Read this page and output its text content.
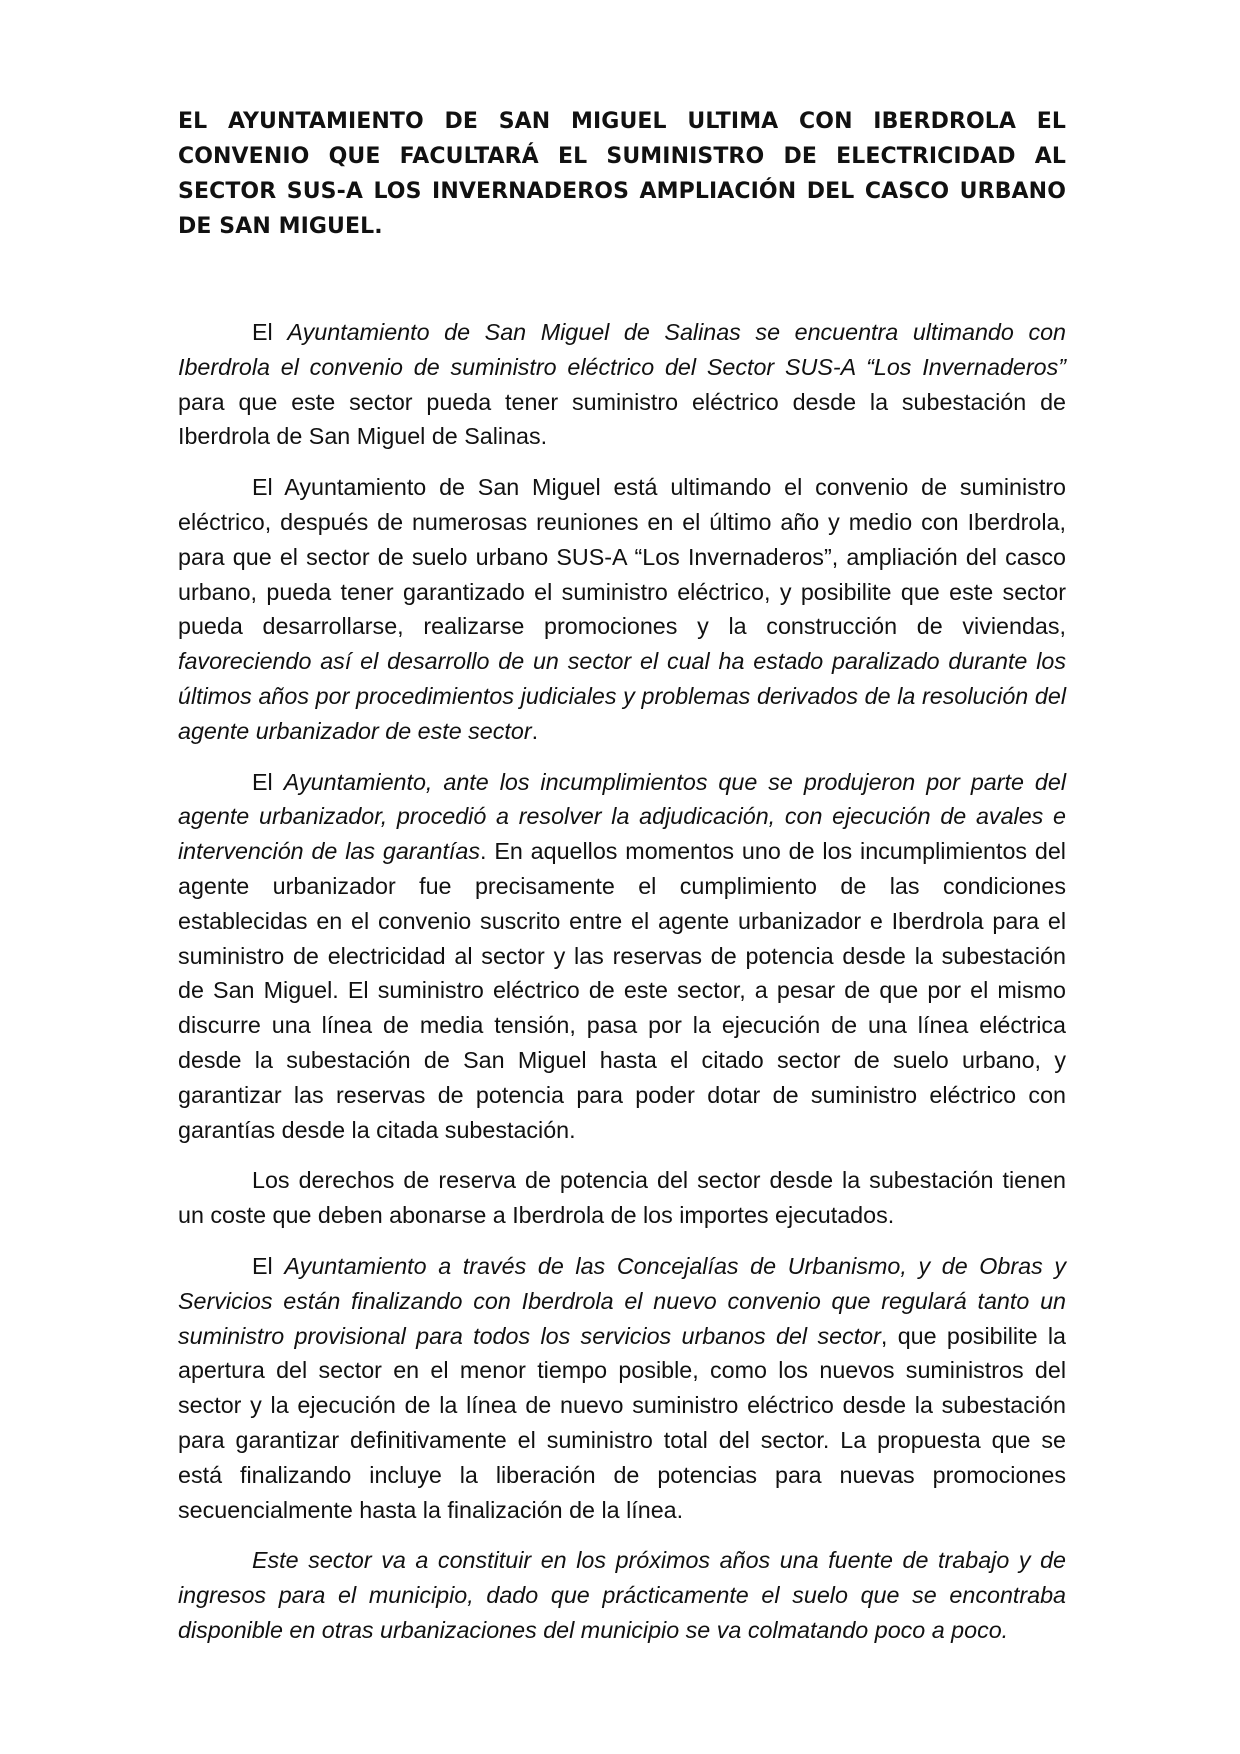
EL AYUNTAMIENTO DE SAN MIGUEL ULTIMA CON IBERDROLA EL CONVENIO QUE FACULTARÁ EL SUMINISTRO DE ELECTRICIDAD AL SECTOR SUS-A LOS INVERNADEROS AMPLIACIÓN DEL CASCO URBANO DE SAN MIGUEL.

El Ayuntamiento de San Miguel de Salinas se encuentra ultimando con Iberdrola el convenio de suministro eléctrico del Sector SUS-A “Los Invernaderos” para que este sector pueda tener suministro eléctrico desde la subestación de Iberdrola de San Miguel de Salinas.

El Ayuntamiento de San Miguel está ultimando el convenio de suministro eléctrico, después de numerosas reuniones en el último año y medio con Iberdrola, para que el sector de suelo urbano SUS-A “Los Invernaderos”, ampliación del casco urbano, pueda tener garantizado el suministro eléctrico, y posibilite que este sector pueda desarrollarse, realizarse promociones y la construcción de viviendas, favoreciendo así el desarrollo de un sector el cual ha estado paralizado durante los últimos años por procedimientos judiciales y problemas derivados de la resolución del agente urbanizador de este sector.

El Ayuntamiento, ante los incumplimientos que se produjeron por parte del agente urbanizador, procedió a resolver la adjudicación, con ejecución de avales e intervención de las garantías. En aquellos momentos uno de los incumplimientos del agente urbanizador fue precisamente el cumplimiento de las condiciones establecidas en el convenio suscrito entre el agente urbanizador e Iberdrola para el suministro de electricidad al sector y las reservas de potencia desde la subestación de San Miguel. El suministro eléctrico de este sector, a pesar de que por el mismo discurre una línea de media tensión, pasa por la ejecución de una línea eléctrica desde la subestación de San Miguel hasta el citado sector de suelo urbano, y garantizar las reservas de potencia para poder dotar de suministro eléctrico con garantías desde la citada subestación.

Los derechos de reserva de potencia del sector desde la subestación tienen un coste que deben abonarse a Iberdrola de los importes ejecutados.

El Ayuntamiento a través de las Concejalías de Urbanismo, y de Obras y Servicios están finalizando con Iberdrola el nuevo convenio que regulará tanto un suministro provisional para todos los servicios urbanos del sector, que posibilite la apertura del sector en el menor tiempo posible, como los nuevos suministros del sector y la ejecución de la línea de nuevo suministro eléctrico desde la subestación para garantizar definitivamente el suministro total del sector. La propuesta que se está finalizando incluye la liberación de potencias para nuevas promociones secuencialmente hasta la finalización de la línea.

Este sector va a constituir en los próximos años una fuente de trabajo y de ingresos para el municipio, dado que prácticamente el suelo que se encontraba disponible en otras urbanizaciones del municipio se va colmatando poco a poco.
